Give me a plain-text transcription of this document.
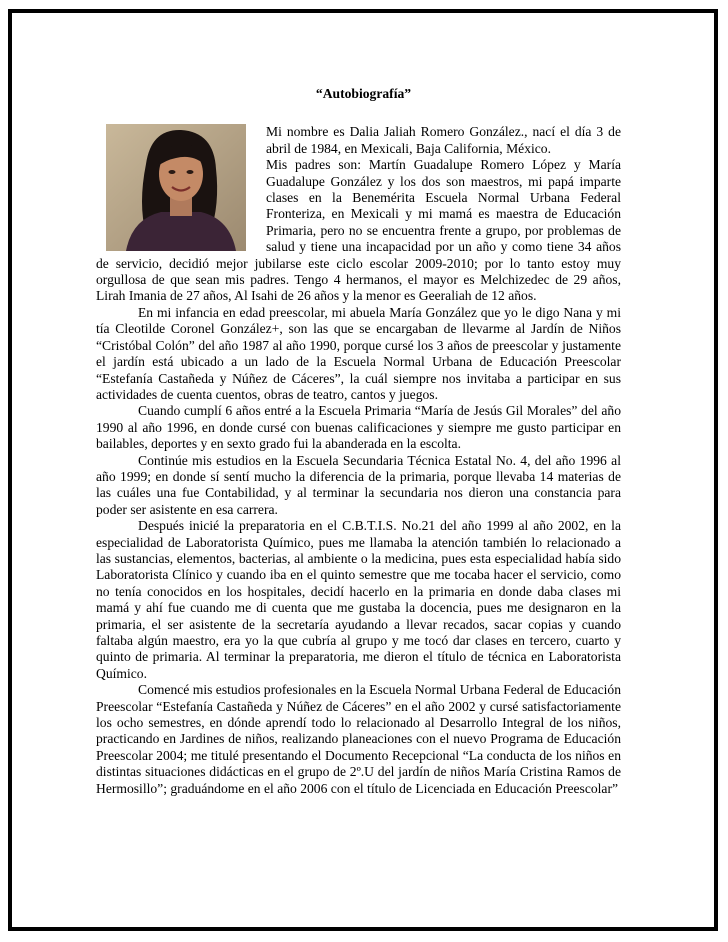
“Autobiografía”

Mi nombre es Dalia Jaliah Romero González., nací el día 3 de abril de 1984, en Mexicali, Baja California, México.

Mis padres son: Martín Guadalupe Romero López y María Guadalupe González y los dos son maestros, mi papá imparte clases en la Benemérita Escuela Normal Urbana Federal Fronteriza, en Mexicali y mi mamá es maestra de Educación Primaria, pero no se encuentra frente a grupo, por problemas de salud y tiene una incapacidad por un año y como tiene 34 años de servicio, decidió mejor jubilarse este ciclo escolar 2009-2010; por lo tanto estoy muy orgullosa de que sean mis padres. Tengo 4 hermanos, el mayor es Melchizedec de 29 años, Lirah Imania de 27 años, Al Isahi de 26 años y la menor es Geeraliah de 12 años.

En mi infancia en edad preescolar, mi abuela María González que yo le digo Nana y mi tía Cleotilde Coronel González+, son las que se encargaban de llevarme al Jardín de Niños “Cristóbal Colón” del año 1987 al año 1990, porque cursé los 3 años de preescolar y justamente el jardín está ubicado a un lado de la Escuela Normal Urbana de Educación Preescolar “Estefanía Castañeda y Núñez de Cáceres”, la cuál siempre nos invitaba a participar en sus actividades de cuenta cuentos, obras de teatro, cantos y juegos.

Cuando cumplí 6 años entré a la Escuela Primaria “María de Jesús Gil Morales” del año 1990 al año 1996, en donde cursé con buenas calificaciones y siempre me gusto participar en bailables, deportes y en sexto grado fui la abanderada en la escolta.

Continúe mis estudios en la Escuela Secundaria Técnica Estatal No. 4, del año 1996 al año 1999; en donde sí sentí mucho la diferencia de la primaria, porque llevaba 14 materias de las cuáles una fue Contabilidad, y al terminar la secundaria nos dieron una constancia para poder ser asistente en esa carrera.

Después inicié la preparatoria en el C.B.T.I.S. No.21 del año 1999 al año 2002, en la especialidad de Laboratorista Químico, pues me llamaba la atención también lo relacionado a las sustancias, elementos, bacterias, al ambiente o la medicina, pues esta especialidad había sido Laboratorista Clínico y cuando iba en el quinto semestre que me tocaba hacer el servicio, como no tenía conocidos en los hospitales, decidí hacerlo en la primaria en donde daba clases mi mamá y ahí fue cuando me di cuenta que me gustaba la docencia, pues me designaron en la primaria, el ser asistente de la secretaría ayudando a llevar recados, sacar copias y cuando faltaba algún maestro, era yo la que cubría al grupo y me tocó dar clases en tercero, cuarto y quinto de primaria. Al terminar la preparatoria, me dieron el título de técnica en Laboratorista Químico.

Comencé mis estudios profesionales en la Escuela Normal Urbana Federal de Educación Preescolar “Estefanía Castañeda y Núñez de Cáceres” en el año 2002 y cursé satisfactoriamente los ocho semestres, en dónde aprendí todo lo relacionado al Desarrollo Integral de los niños, practicando en Jardines de niños, realizando planeaciones con el nuevo Programa de Educación Preescolar 2004; me titulé presentando el Documento Recepcional “La conducta de los niños en distintas situaciones didácticas en el grupo de 2º.U del jardín de niños María Cristina Ramos de Hermosillo”; graduándome en el año 2006 con el título de Licenciada en Educación Preescolar”
